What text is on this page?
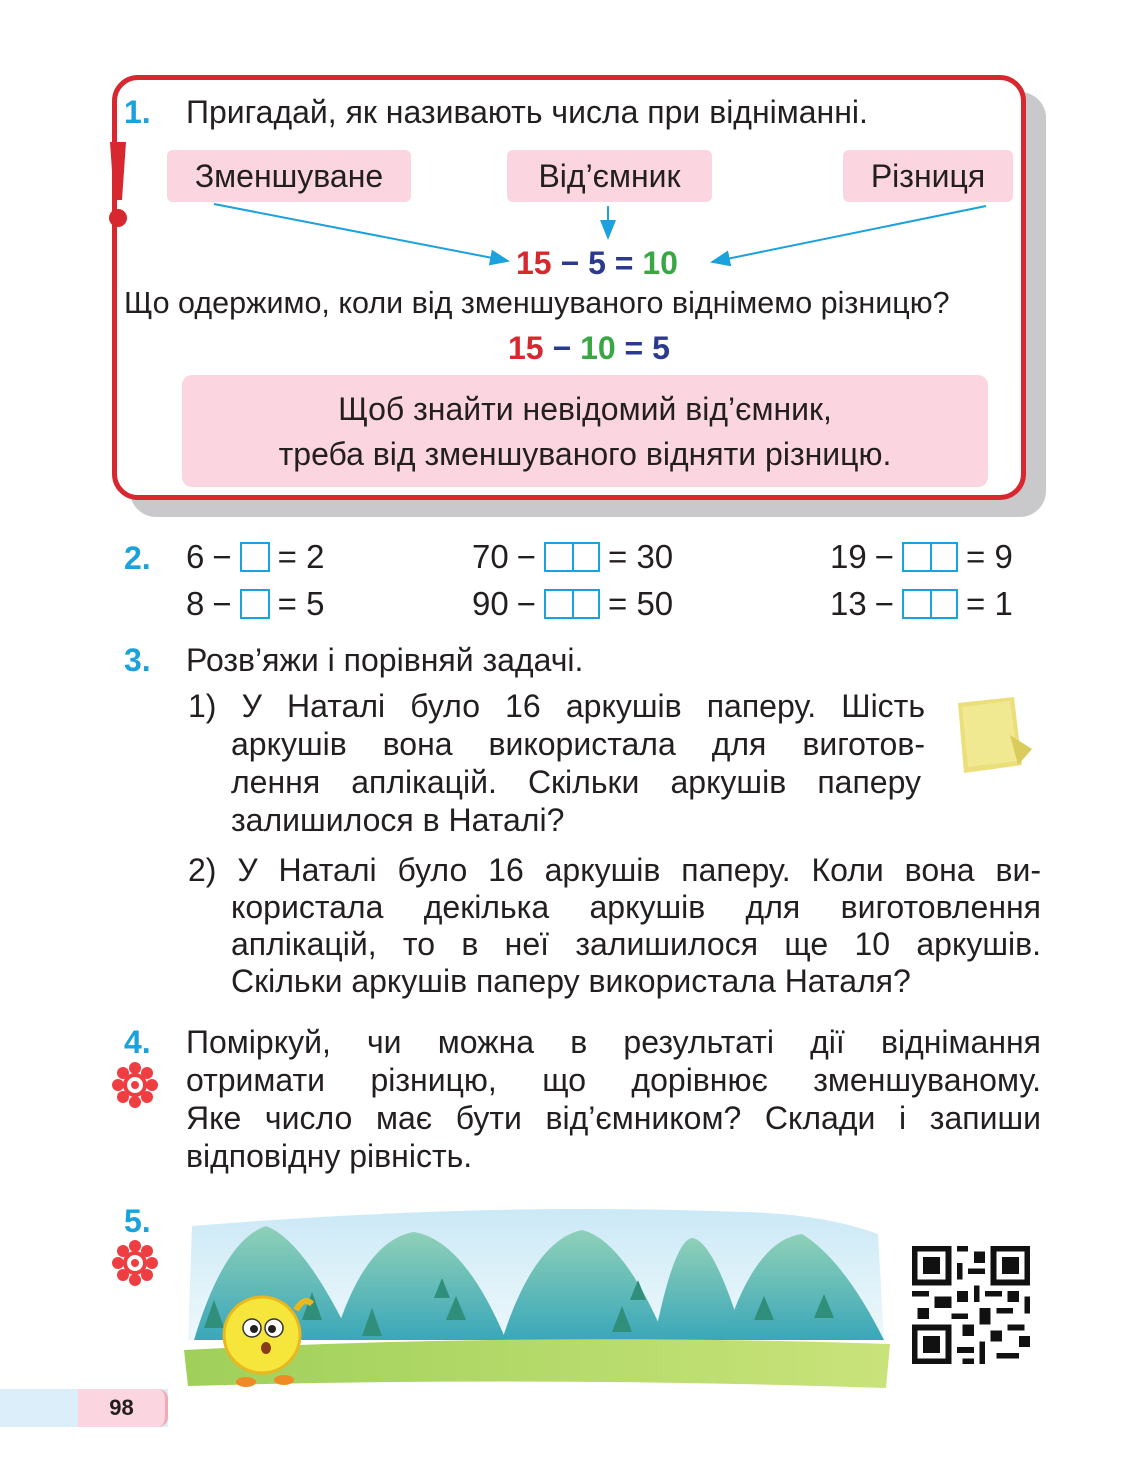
1. Пригадай, як називають числа при відніманні.
Зменшуване	Від’ємник	Різниця
15 − 5 = 10
Що одержимо, коли від зменшуваного віднімемо різницю?
15 − 10 = 5
Щоб знайти невідомий від’ємник,
треба від зменшуваного відняти різницю.
2. 6 − = 2	70 − = 30	19 − = 9
8 − = 5	90 − = 50	13 − = 1
3. Розв’яжи і порівняй задачі.
1) У Наталі було 16 аркушів паперу. Шість
аркушів вона використала для виготов-
лення аплікацій. Скільки аркушів паперу
залишилося в Наталі?
2) У Наталі було 16 аркушів паперу. Коли вона ви-
користала декілька аркушів для виготовлення
аплікацій, то в неї залишилося ще 10 аркушів.
Скільки аркушів паперу використала Наталя?
4. Поміркуй, чи можна в результаті дії віднімання
отримати різницю, що дорівнює зменшуваному.
Яке число має бути від’ємником? Склади і запиши
відповідну рівність.
5.
98
